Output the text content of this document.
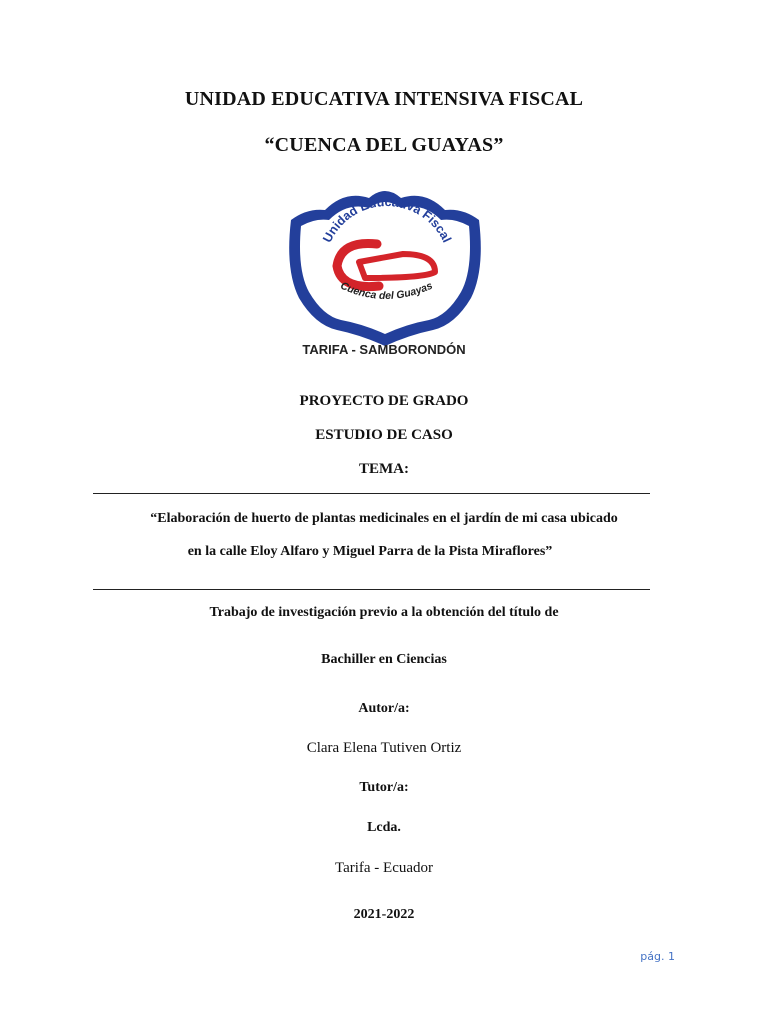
UNIDAD EDUCATIVA INTENSIVA FISCAL
“CUENCA DEL GUAYAS”
Unidad Educativa Fiscal
Cuenca del Guayas
TARIFA - SAMBORONDÓN
PROYECTO DE GRADO
ESTUDIO DE CASO
TEMA:
“Elaboración de huerto de plantas medicinales en el jardín de mi casa ubicado
en la calle Eloy Alfaro y Miguel Parra de la Pista Miraflores”
Trabajo de investigación previo a la obtención del título de
Bachiller en Ciencias
Autor/a:
Clara Elena Tutiven Ortiz
Tutor/a:
Lcda.
Tarifa - Ecuador
2021-2022
pág. 1
